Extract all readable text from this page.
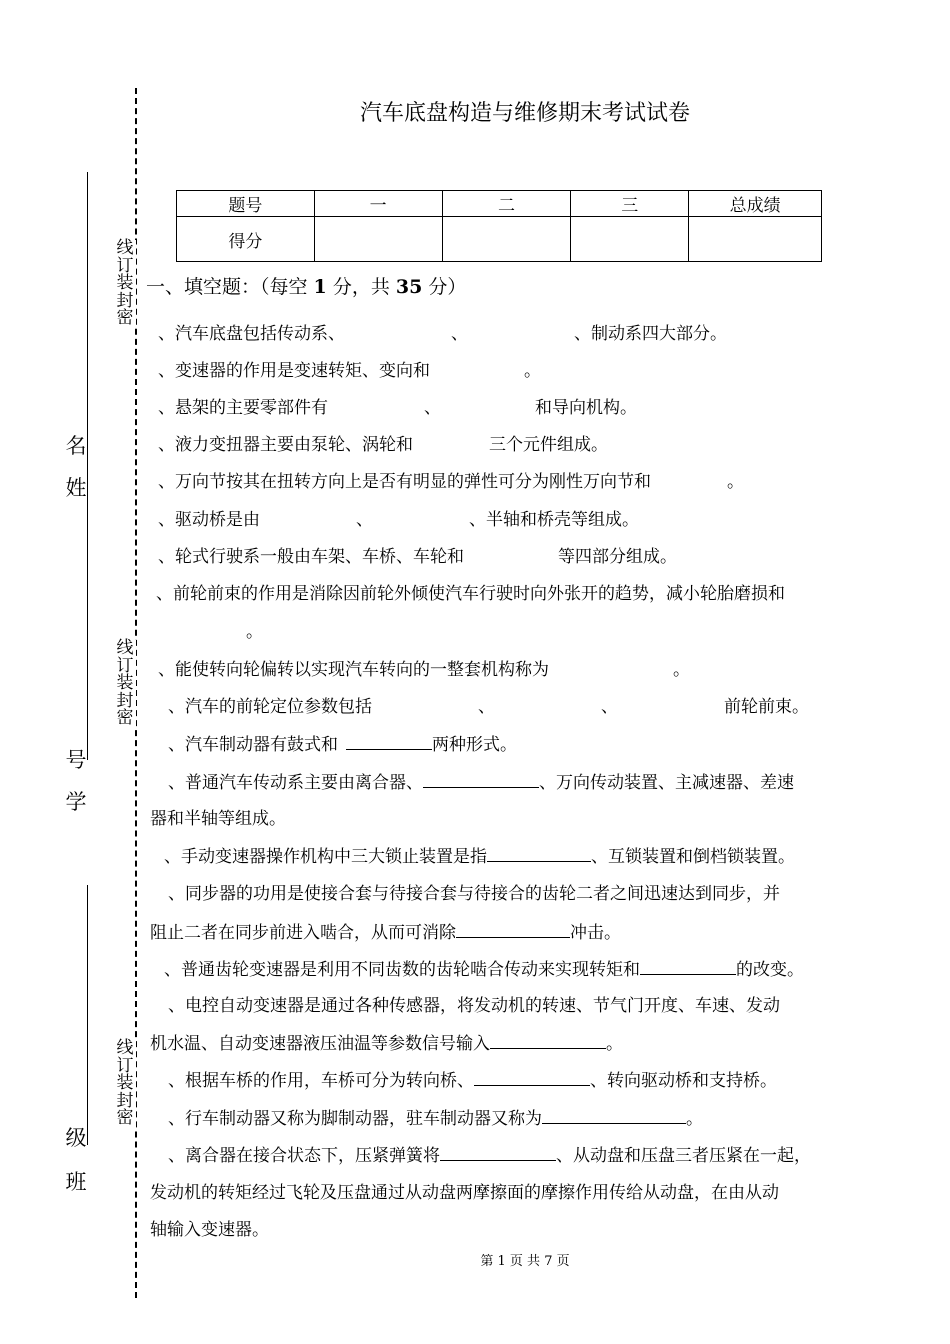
线
订
装
封
密
线
订
装
封
密
线
订
装
封
密
名
姓
号
学
级
班
汽车底盘构造与维修期末考试试卷
题号	一	二	三	总成绩
得分				
一、填空题：（每空 1 分，共 35 分）
、汽车底盘包括传动系、	、	、制动系四大部分。
、变速器的作用是变速转矩、变向和	。
、悬架的主要零部件有	、	和导向机构。
、液力变扭器主要由泵轮、涡轮和	三个元件组成。
、万向节按其在扭转方向上是否有明显的弹性可分为刚性万向节和	。
、驱动桥是由	、	、半轴和桥壳等组成。
、轮式行驶系一般由车架、车桥、车轮和	等四部分组成。
、前轮前束的作用是消除因前轮外倾使汽车行驶时向外张开的趋势，减小轮胎磨损和
。
、能使转向轮偏转以实现汽车转向的一整套机构称为	。
、汽车的前轮定位参数包括	、	、	前轮前束。
、汽车制动器有鼓式和	两种形式。
、普通汽车传动系主要由离合器、	、万向传动装置、主减速器、差速
器和半轴等组成。
、手动变速器操作机构中三大锁止装置是指	、互锁装置和倒档锁装置。
、同步器的功用是使接合套与待接合套与待接合的齿轮二者之间迅速达到同步，并
阻止二者在同步前进入啮合，从而可消除	冲击。
、普通齿轮变速器是利用不同齿数的齿轮啮合传动来实现转矩和	的改变。
、电控自动变速器是通过各种传感器，将发动机的转速、节气门开度、车速、发动
机水温、自动变速器液压油温等参数信号输入	。
、根据车桥的作用，车桥可分为转向桥、	、转向驱动桥和支持桥。
、行车制动器又称为脚制动器，驻车制动器又称为	。
、离合器在接合状态下，压紧弹簧将	、从动盘和压盘三者压紧在一起，
发动机的转矩经过飞轮及压盘通过从动盘两摩擦面的摩擦作用传给从动盘，在由从动
轴输入变速器。
第 1 页 共 7 页
